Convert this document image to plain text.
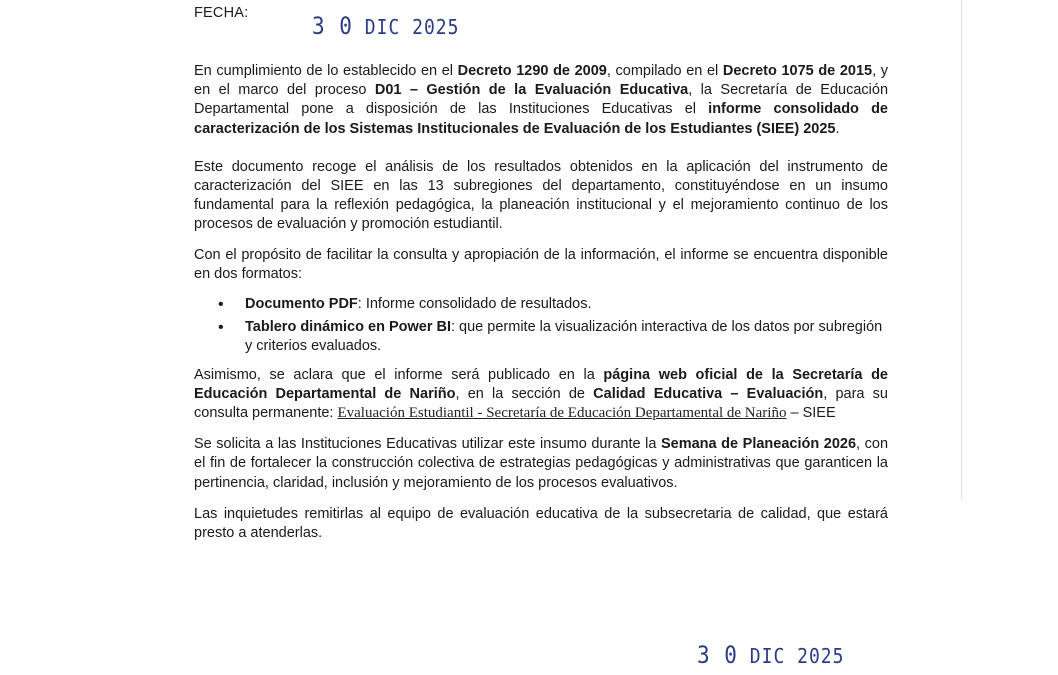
FECHA:	3 0 DIC 2025

En cumplimiento de lo establecido en el Decreto 1290 de 2009, compilado en el Decreto 1075 de 2015, y en el marco del proceso D01 – Gestión de la Evaluación Educativa, la Secretaría de Educación Departamental pone a disposición de las Instituciones Educativas el informe consolidado de caracterización de los Sistemas Institucionales de Evaluación de los Estudiantes (SIEE) 2025.

Este documento recoge el análisis de los resultados obtenidos en la aplicación del instrumento de caracterización del SIEE en las 13 subregiones del departamento, constituyéndose en un insumo fundamental para la reflexión pedagógica, la planeación institucional y el mejoramiento continuo de los procesos de evaluación y promoción estudiantil.

Con el propósito de facilitar la consulta y apropiación de la información, el informe se encuentra disponible en dos formatos:

• Documento PDF: Informe consolidado de resultados.
• Tablero dinámico en Power BI: que permite la visualización interactiva de los datos por subregión y criterios evaluados.

Asimismo, se aclara que el informe será publicado en la página web oficial de la Secretaría de Educación Departamental de Nariño, en la sección de Calidad Educativa – Evaluación, para su consulta permanente: Evaluación Estudiantil - Secretaría de Educación Departamental de Nariño – SIEE

Se solicita a las Instituciones Educativas utilizar este insumo durante la Semana de Planeación 2026, con el fin de fortalecer la construcción colectiva de estrategias pedagógicas y administrativas que garanticen la pertinencia, claridad, inclusión y mejoramiento de los procesos evaluativos.

Las inquietudes remitirlas al equipo de evaluación educativa de la subsecretaria de calidad, que estará presto a atenderlas.

3 0 DIC 2025
